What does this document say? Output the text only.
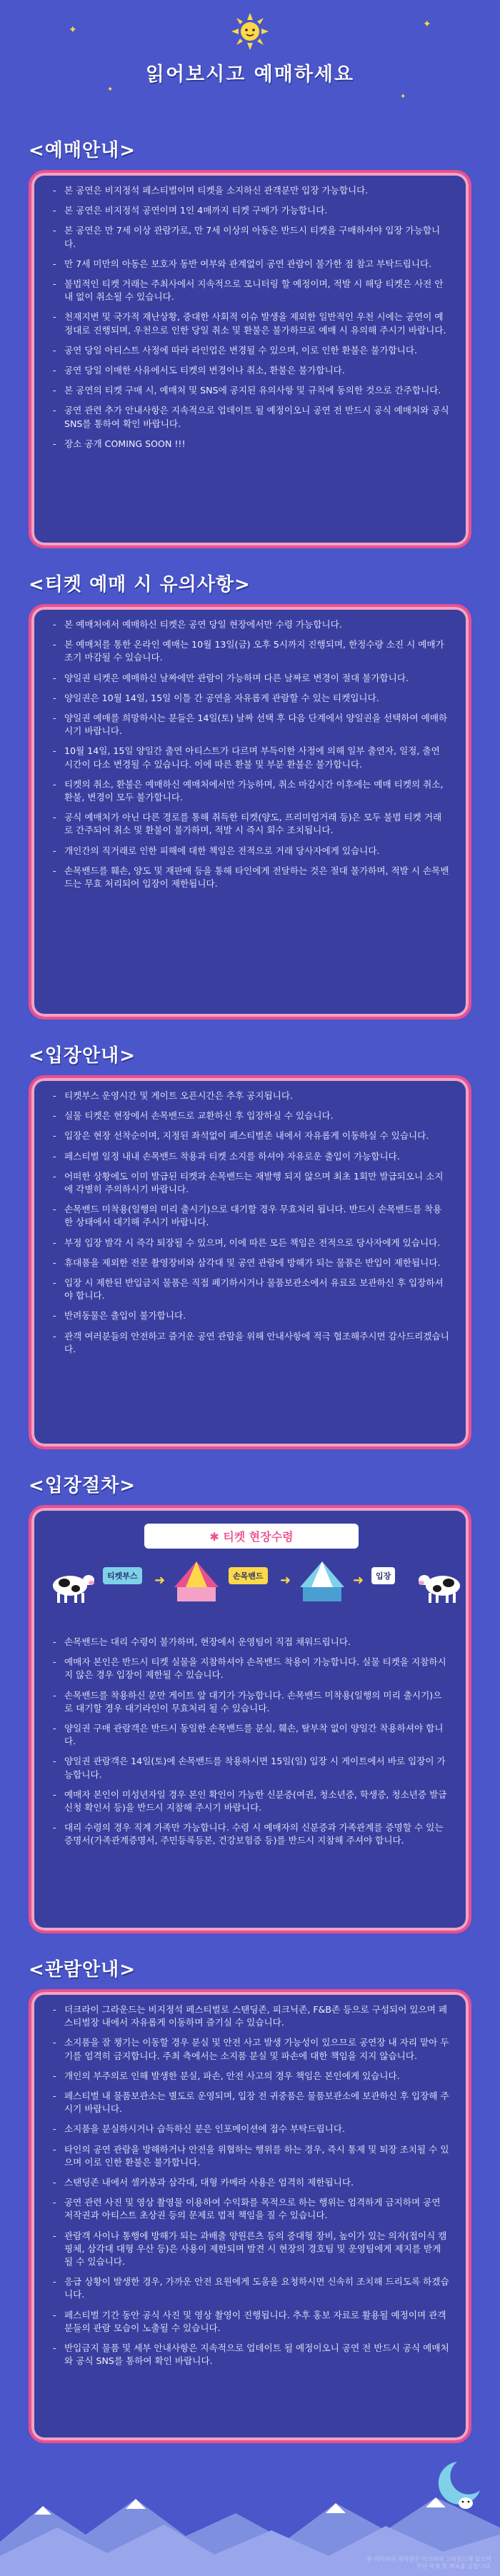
✦	✦
✦
✦
읽어보시고 예매하세요
<예매안내>
- 본 공연은 비지정석 페스티벌이며 티켓을 소지하신 관객분만 입장 가능합니다.
- 본 공연은 비지정석 공연이며 1인 4매까지 티켓 구매가 가능합니다.
- 본 공연은 만 7세 이상 관람가로, 만 7세 이상의 아동은 반드시 티켓을 구매하셔야 입장 가능합니다.
- 만 7세 미만의 아동은 보호자 동반 여부와 관계없이 공연 관람이 불가한 점 참고 부탁드립니다.
- 불법적인 티켓 거래는 주최사에서 지속적으로 모니터링 할 예정이며, 적발 시 해당 티켓은 사전 안내 없이 취소될 수 있습니다.
- 천재지변 및 국가적 재난상황, 중대한 사회적 이슈 발생을 제외한 일반적인 우천 시에는 공연이 예정대로 진행되며, 우천으로 인한 당일 취소 및 환불은 불가하므로 예매 시 유의해 주시기 바랍니다.
- 공연 당일 아티스트 사정에 따라 라인업은 변경될 수 있으며, 이로 인한 환불은 불가합니다.
- 공연 당일 이매한 사유에서도 티켓의 변경이나 취소, 환불은 불가합니다.
- 본 공연의 티켓 구매 시, 예매처 및 SNS에 공지된 유의사항 및 규칙에 동의한 것으로 간주합니다.
- 공연 관련 추가 안내사항은 지속적으로 업데이트 될 예정이오니 공연 전 반드시 공식 예매처와 공식 SNS를 통하여 확인 바랍니다.
- 장소 공개 COMING SOON !!!
<티켓 예매 시 유의사항>
- 본 예매처에서 예매하신 티켓은 공연 당일 현장에서만 수령 가능합니다.
- 본 예매처를 통한 온라인 예매는 10월 13일(금) 오후 5시까지 진행되며, 한정수량 소진 시 예매가 조기 마감될 수 있습니다.
- 양일권 티켓은 예매하신 날짜에만 관람이 가능하며 다른 날짜로 변경이 절대 불가합니다.
- 양일권은 10월 14일, 15일 이틀 간 공연을 자유롭게 관람할 수 있는 티켓입니다.
- 양일권 예매를 희망하시는 분들은 14일(토) 날짜 선택 후 다음 단계에서 양일권을 선택하여 예매하시기 바랍니다.
- 10월 14일, 15일 양일간 출연 아티스트가 다르며 부득이한 사정에 의해 일부 출연자, 일정, 출연 시간이 다소 변경될 수 있습니다. 이에 따른 환불 및 부분 환불은 불가합니다.
- 티켓의 취소, 환불은 예매하신 예매처에서만 가능하며, 취소 마감시간 이후에는 예매 티켓의 취소, 환불, 변경이 모두 불가합니다.
- 공식 예매처가 아닌 다른 경로를 통해 취득한 티켓(양도, 프리미엄거래 등)은 모두 불법 티켓 거래로 간주되어 취소 및 환불이 불가하며, 적발 시 즉시 회수 조치됩니다.
- 개인간의 직거래로 인한 피해에 대한 책임은 전적으로 거래 당사자에게 있습니다.
- 손목밴드를 훼손, 양도 및 재판매 등을 통해 타인에게 전달하는 것은 절대 불가하며, 적발 시 손목밴드는 무효 처리되어 입장이 제한됩니다.
<입장안내>
- 티켓부스 운영시간 및 게이트 오픈시간은 추후 공지됩니다.
- 실물 티켓은 현장에서 손목밴드로 교환하신 후 입장하실 수 있습니다.
- 입장은 현장 선착순이며, 지정된 좌석없이 페스티벌존 내에서 자유롭게 이동하실 수 있습니다.
- 페스티벌 일정 내내 손목밴드 착용과 티켓 소지를 하셔야 자유로운 출입이 가능합니다.
- 어떠한 상황에도 이미 발급된 티켓과 손목밴드는 재발행 되지 않으며 최초 1회만 발급되오니 소지에 각별히 주의하시기 바랍니다.
- 손목밴드 미착용(일행의 미리 출시기)으로 대기할 경우 무효처리 됩니다. 반드시 손목밴드를 착용한 상태에서 대기해 주시기 바랍니다.
- 부정 입장 발각 시 즉각 퇴장될 수 있으며, 이에 따른 모든 책임은 전적으로 당사자에게 있습니다.
- 휴대품을 제외한 전문 촬영장비와 삼각대 및 공연 관람에 방해가 되는 물품은 반입이 제한됩니다.
- 입장 시 제한된 반입금지 물품은 직접 폐기하시거나 물품보관소에서 유료로 보관하신 후 입장하셔야 합니다.
- 반려동물은 출입이 불가합니다.
- 관객 여러분들의 안전하고 즐거운 공연 관람을 위해 안내사항에 적극 협조해주시면 감사드리겠습니다.
<입장절차>
✱ 티켓 현장수령
티켓부스	➜	손목밴드	➜	➜	입장
- 손목밴드는 대리 수령이 불가하며, 현장에서 운영팀이 직접 채워드립니다.
- 예매자 본인은 반드시 티켓 실물을 지참하셔야 손목밴드 착용이 가능합니다. 실물 티켓을 지참하시지 않은 경우 입장이 제한될 수 있습니다.
- 손목밴드를 착용하신 분만 게이트 앞 대기가 가능합니다. 손목밴드 미착용(일행의 미리 출시기)으로 대기할 경우 대기라인이 무효처리 될 수 있습니다.
- 양일권 구매 관람객은 반드시 동일한 손목밴드를 분실, 훼손, 탈부착 없이 양일간 착용하셔야 합니다.
- 양일권 관람객은 14일(토)에 손목밴드를 착용하시면 15일(일) 입장 시 게이트에서 바로 입장이 가능합니다.
- 예매자 본인이 미성년자일 경우 본인 확인이 가능한 신분증(여권, 청소년증, 학생증, 청소년증 발급 신청 확인서 등)을 반드시 지참해 주시기 바랍니다.
- 대리 수령의 경우 직계 가족만 가능합니다. 수령 시 예매자의 신분증과 가족관계를 증명할 수 있는 증명서(가족관계증명서, 주민등록등본, 건강보험증 등)를 반드시 지참해 주셔야 합니다.
<관람안내>
- 더크라이 그라운드는 비지정석 페스티벌로 스탠딩존, 피크닉존, F&B존 등으로 구성되어 있으며 페스티벌장 내에서 자유롭게 이동하며 즐기실 수 있습니다.
- 소지품을 잘 챙기는 이동할 경우 분실 및 안전 사고 발생 가능성이 있으므로 공연장 내 자리 맡아 두기를 엄격히 금지합니다. 주최 측에서는 소지품 분실 및 파손에 대한 책임을 지지 않습니다.
- 개인의 부주의로 인해 발생한 분실, 파손, 안전 사고의 경우 책임은 본인에게 있습니다.
- 페스티벌 내 물품보관소는 별도로 운영되며, 입장 전 귀중품은 물품보관소에 보관하신 후 입장해 주시기 바랍니다.
- 소지품을 분실하시거나 습득하신 분은 인포메이션에 접수 부탁드립니다.
- 타인의 공연 관람을 방해하거나 안전을 위협하는 행위를 하는 경우, 즉시 통제 및 퇴장 조치될 수 있으며 이로 인한 환불은 불가합니다.
- 스탠딩존 내에서 셀카봉과 삼각대, 대형 카메라 사용은 엄격히 제한됩니다.
- 공연 관련 사진 및 영상 촬영물 이용하여 수익화를 목적으로 하는 행위는 엄격하게 금지하며 공연 저작권과 아티스트 초상권 등의 문제로 법적 책임을 질 수 있습니다.
- 관람객 사이나 통행에 방해가 되는 과배출 양원른츠 등의 중대형 장비, 높이가 있는 의자(접이식 캠핑체, 삼각대 대형 우산 등)은 사용이 제한되며 발견 시 현장의 경호팀 및 운영팀에게 제지를 받게 될 수 있습니다.
- 응급 상황이 발생한 경우, 가까운 안전 요원에게 도움을 요청하시면 신속히 조치해 드리도록 하겠습니다.
- 페스티벌 기간 동안 공식 사진 및 영상 촬영이 진행됩니다. 추후 홍보 자료로 활용될 예정이며 관객분들의 관람 모습이 노출될 수 있습니다.
- 반입금지 물품 및 세부 안내사항은 지속적으로 업데이트 될 예정이오니 공연 전 반드시 공식 예매처와 공식 SNS를 통하여 확인 바랍니다.
본 이미지의 저작권은 더크라이 그라운드에 있으며
무단 복제 및 배포를 금합니다.
